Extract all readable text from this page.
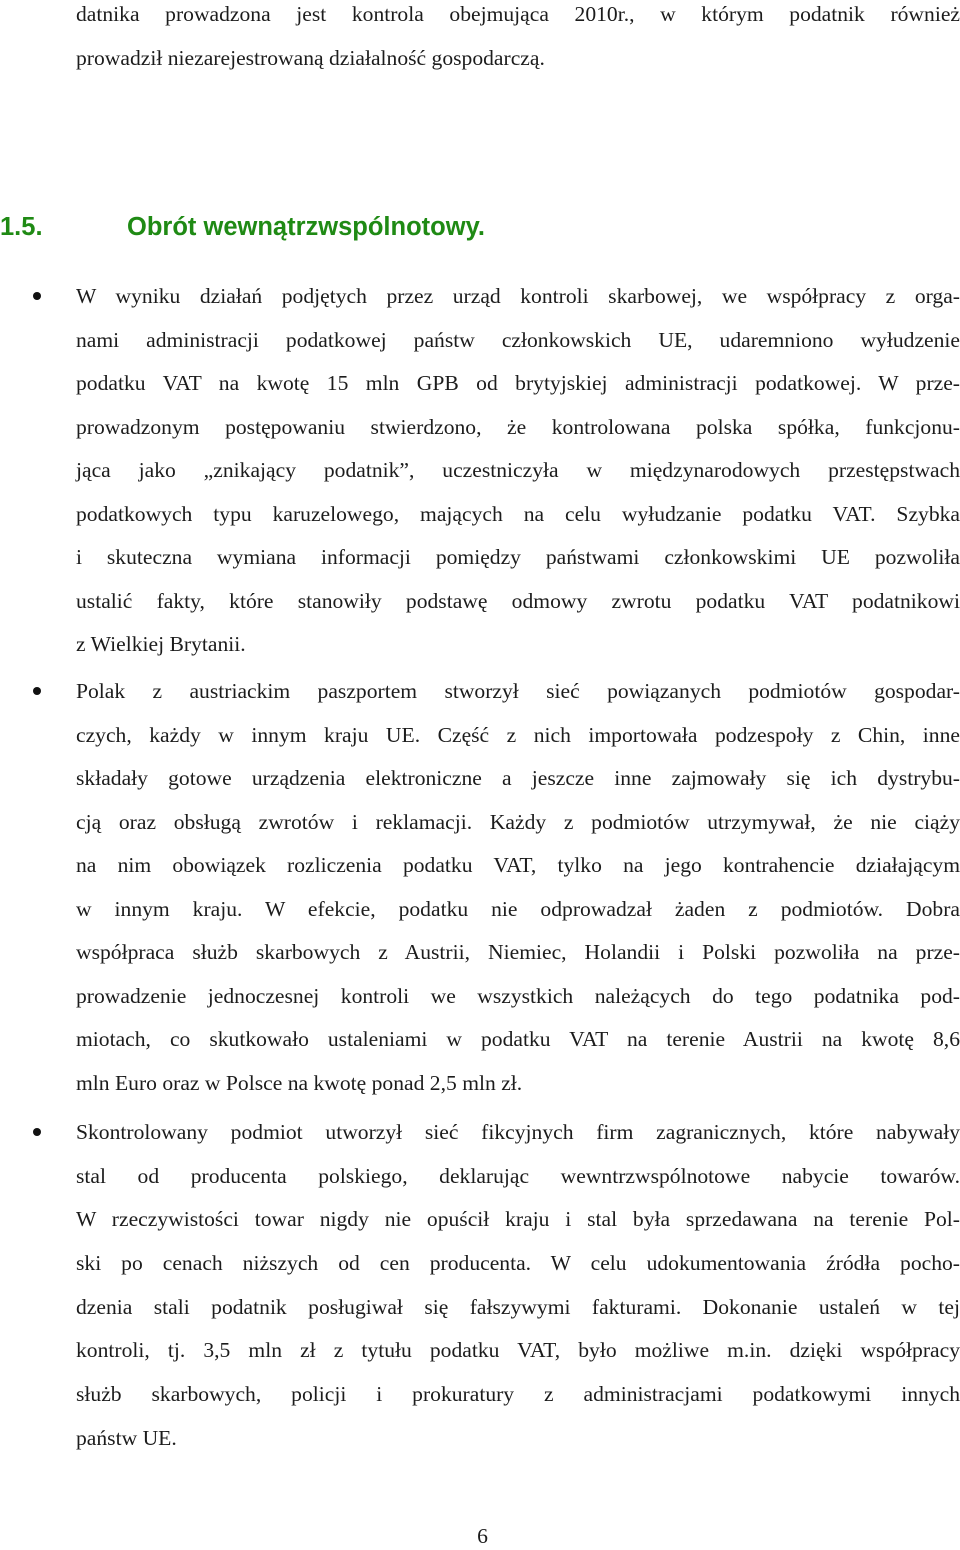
datnika prowadzona jest kontrola obejmująca 2010r., w którym podatnik również
prowadził niezarejestrowaną działalność gospodarczą.

1.5.	Obrót wewnątrzwspólnotowy.
W wyniku działań podjętych przez urząd kontroli skarbowej, we współpracy z orga-
nami administracji podatkowej państw członkowskich UE, udaremniono wyłudzenie
podatku VAT na kwotę 15 mln GPB od brytyjskiej administracji podatkowej. W prze-
prowadzonym postępowaniu stwierdzono, że kontrolowana polska spółka, funkcjonu-
jąca jako „znikający podatnik”, uczestniczyła w międzynarodowych przestępstwach
podatkowych typu karuzelowego, mających na celu wyłudzanie podatku VAT. Szybka
i skuteczna wymiana informacji pomiędzy państwami członkowskimi UE pozwoliła
ustalić fakty, które stanowiły podstawę odmowy zwrotu podatku VAT podatnikowi
z Wielkiej Brytanii.
Polak z austriackim paszportem stworzył sieć powiązanych podmiotów gospodar-
czych, każdy w innym kraju UE. Część z nich importowała podzespoły z Chin, inne
składały gotowe urządzenia elektroniczne a jeszcze inne zajmowały się ich dystrybu-
cją oraz obsługą zwrotów i reklamacji. Każdy z podmiotów utrzymywał, że nie ciąży
na nim obowiązek rozliczenia podatku VAT, tylko na jego kontrahencie działającym
w innym kraju. W efekcie, podatku nie odprowadzał żaden z podmiotów. Dobra
współpraca służb skarbowych z Austrii, Niemiec, Holandii i Polski pozwoliła na prze-
prowadzenie jednoczesnej kontroli we wszystkich należących do tego podatnika pod-
miotach, co skutkowało ustaleniami w podatku VAT na terenie Austrii na kwotę 8,6
mln Euro oraz w Polsce na kwotę ponad 2,5 mln zł.
Skontrolowany podmiot utworzył sieć fikcyjnych firm zagranicznych, które nabywały
stal od producenta polskiego, deklarując wewntrzwspólnotowe nabycie towarów.
W rzeczywistości towar nigdy nie opuścił kraju i stal była sprzedawana na terenie Pol-
ski po cenach niższych od cen producenta. W celu udokumentowania źródła pocho-
dzenia stali podatnik posługiwał się fałszywymi fakturami. Dokonanie ustaleń w tej
kontroli, tj. 3,5 mln zł z tytułu podatku VAT, było możliwe m.in. dzięki współpracy
służb skarbowych, policji i prokuratury z administracjami podatkowymi innych
państw UE.

6
